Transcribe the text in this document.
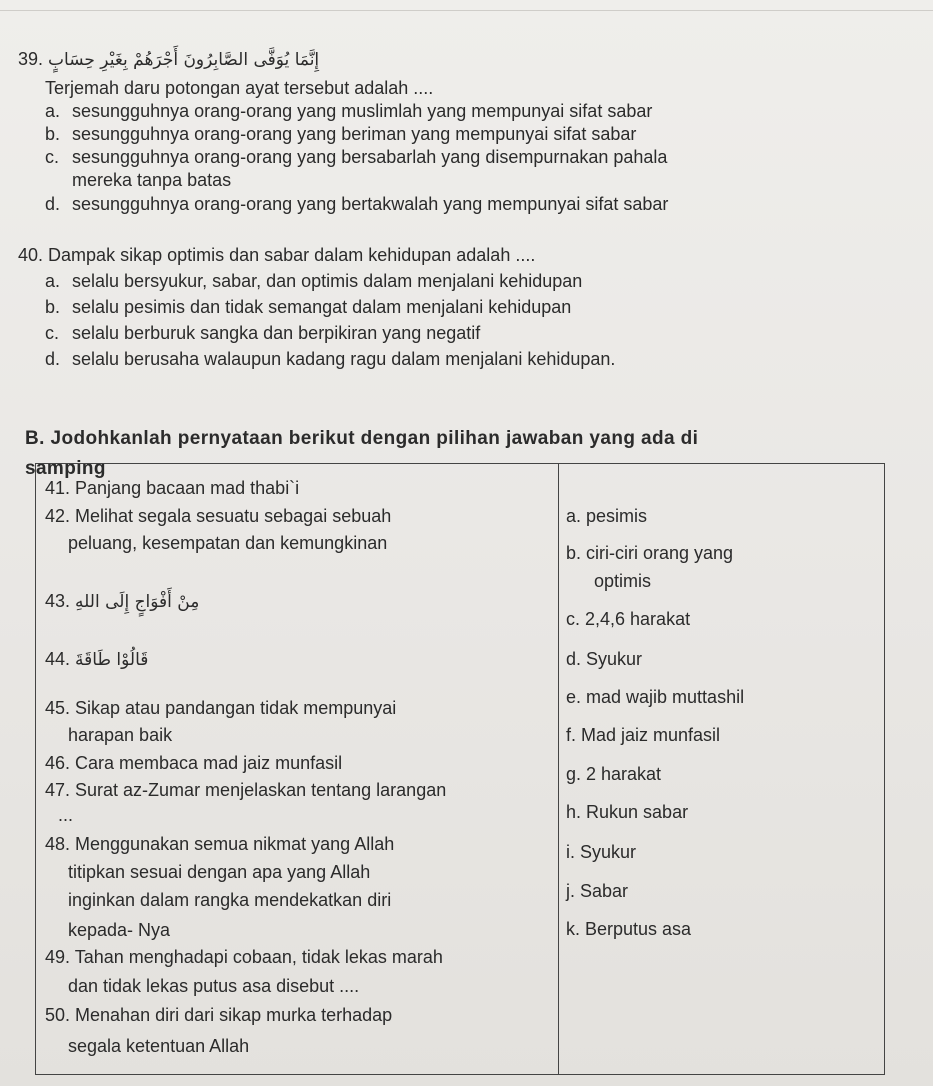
39. إِنَّمَا يُوَفَّى الصَّابِرُونَ أَجْرَهُمْ بِغَيْرِ حِسَابٍ
Terjemah daru potongan ayat tersebut adalah ....
a. sesungguhnya orang-orang yang muslimlah yang mempunyai sifat sabar
b. sesungguhnya orang-orang yang beriman yang mempunyai sifat sabar
c. sesungguhnya orang-orang yang bersabarlah yang disempurnakan pahala
mereka tanpa batas
d. sesungguhnya orang-orang yang bertakwalah yang mempunyai sifat sabar
40. Dampak sikap optimis dan sabar dalam kehidupan adalah ....
a. selalu bersyukur, sabar, dan optimis dalam menjalani kehidupan
b. selalu pesimis dan tidak semangat dalam menjalani kehidupan
c. selalu berburuk sangka dan berpikiran yang negatif
d. selalu berusaha walaupun kadang ragu dalam menjalani kehidupan.
B. Jodohkanlah pernyataan berikut dengan pilihan jawaban yang ada di
samping
41. Panjang bacaan mad thabi`i
42. Melihat segala sesuatu sebagai sebuah
peluang, kesempatan dan kemungkinan
43. مِنْ أَفْوَاجٍ إِلَى اللهِ
44. قَالُوْا طَاقَةَ
45. Sikap atau pandangan tidak mempunyai
harapan baik
46. Cara membaca mad jaiz munfasil
47. Surat az-Zumar menjelaskan tentang larangan
...
48. Menggunakan semua nikmat yang Allah
titipkan sesuai dengan apa yang Allah
inginkan dalam rangka mendekatkan diri
kepada- Nya
49. Tahan menghadapi cobaan, tidak lekas marah
dan tidak lekas putus asa disebut ....
50. Menahan diri dari sikap murka terhadap
segala ketentuan Allah
a. pesimis
b. ciri-ciri orang yang
optimis
c. 2,4,6 harakat
d. Syukur
e. mad wajib muttashil
f. Mad jaiz munfasil
g. 2 harakat
h. Rukun sabar
i. Syukur
j. Sabar
k. Berputus asa
